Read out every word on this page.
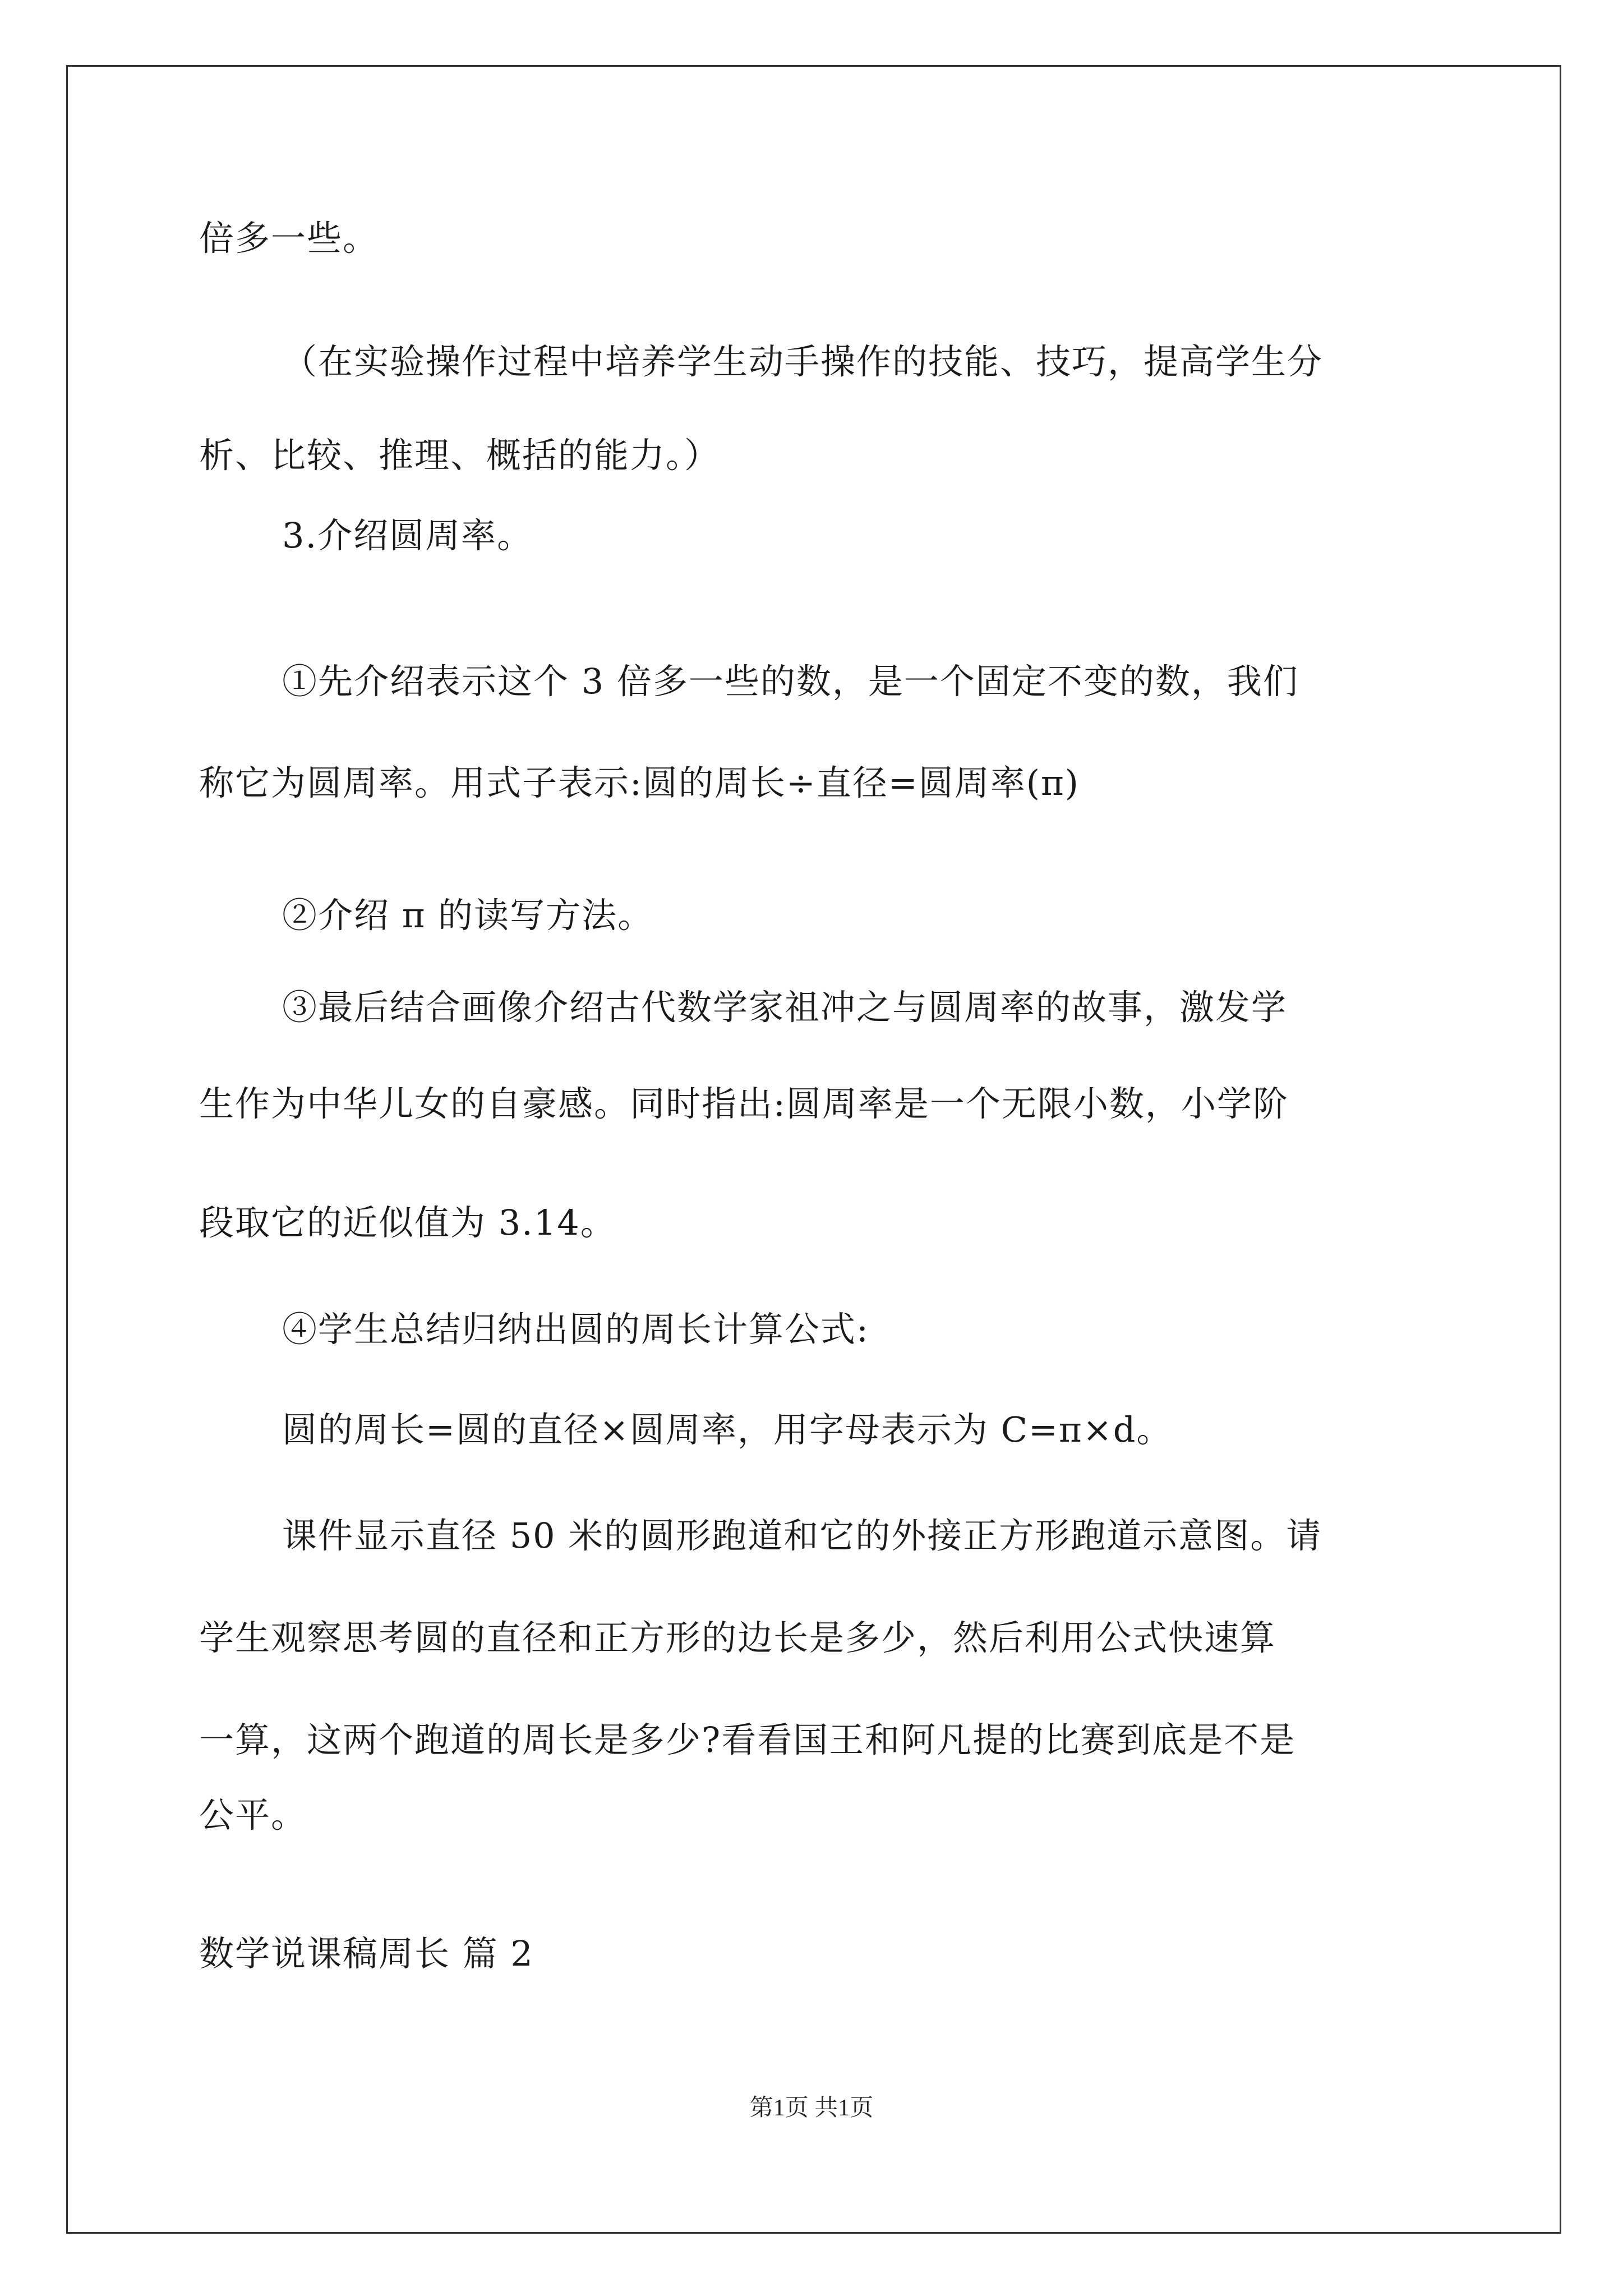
倍多一些。
（在实验操作过程中培养学生动手操作的技能、技巧，提高学生分
析、比较、推理、概括的能力。）
3.介绍圆周率。
①先介绍表示这个 3 倍多一些的数，是一个固定不变的数，我们
称它为圆周率。用式子表示:圆的周长÷直径=圆周率(π)
②介绍 π 的读写方法。
③最后结合画像介绍古代数学家祖冲之与圆周率的故事，激发学
生作为中华儿女的自豪感。同时指出:圆周率是一个无限小数，小学阶
段取它的近似值为 3.14。
④学生总结归纳出圆的周长计算公式:
圆的周长=圆的直径×圆周率，用字母表示为 C=π×d。
课件显示直径 50 米的圆形跑道和它的外接正方形跑道示意图。请
学生观察思考圆的直径和正方形的边长是多少，然后利用公式快速算
一算，这两个跑道的周长是多少?看看国王和阿凡提的比赛到底是不是
公平。
数学说课稿周长 篇 2
第1页 共1页
